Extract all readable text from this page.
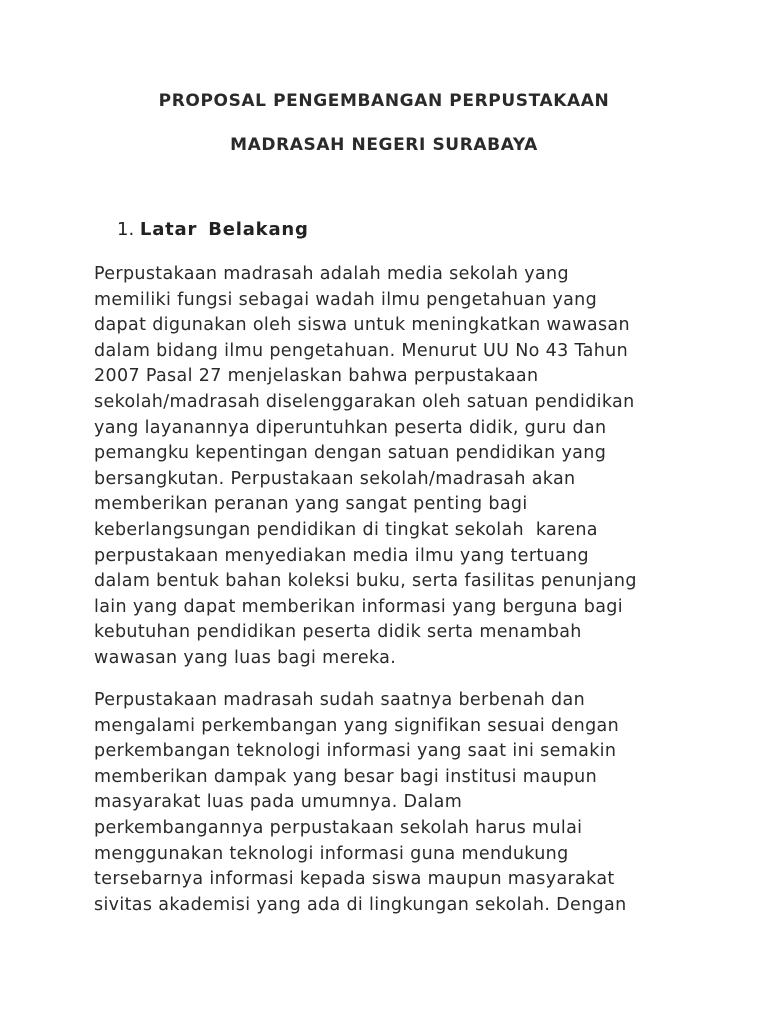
PROPOSAL PENGEMBANGAN PERPUSTAKAAN
MADRASAH NEGERI SURABAYA
1. Latar Belakang
Perpustakaan madrasah adalah media sekolah yang
memiliki fungsi sebagai wadah ilmu pengetahuan yang
dapat digunakan oleh siswa untuk meningkatkan wawasan
dalam bidang ilmu pengetahuan. Menurut UU No 43 Tahun
2007 Pasal 27 menjelaskan bahwa perpustakaan
sekolah/madrasah diselenggarakan oleh satuan pendidikan
yang layanannya diperuntuhkan peserta didik, guru dan
pemangku kepentingan dengan satuan pendidikan yang
bersangkutan. Perpustakaan sekolah/madrasah akan
memberikan peranan yang sangat penting bagi
keberlangsungan pendidikan di tingkat sekolah  karena
perpustakaan menyediakan media ilmu yang tertuang
dalam bentuk bahan koleksi buku, serta fasilitas penunjang
lain yang dapat memberikan informasi yang berguna bagi
kebutuhan pendidikan peserta didik serta menambah
wawasan yang luas bagi mereka.
Perpustakaan madrasah sudah saatnya berbenah dan
mengalami perkembangan yang signifikan sesuai dengan
perkembangan teknologi informasi yang saat ini semakin
memberikan dampak yang besar bagi institusi maupun
masyarakat luas pada umumnya. Dalam
perkembangannya perpustakaan sekolah harus mulai
menggunakan teknologi informasi guna mendukung
tersebarnya informasi kepada siswa maupun masyarakat
sivitas akademisi yang ada di lingkungan sekolah. Dengan
